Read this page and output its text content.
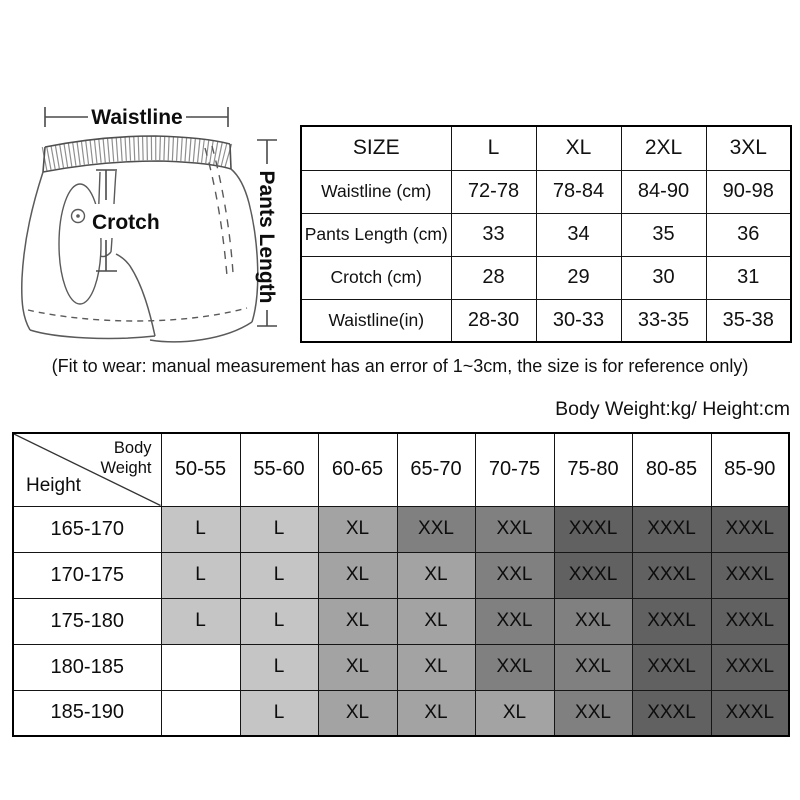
Waistline
Crotch	Pants Length
SIZE	L	XL	2XL	3XL
Waistline (cm)	72-78	78-84	84-90	90-98
Pants Length (cm)	33	34	35	36
Crotch (cm)	28	29	30	31
Waistline(in)	28-30	30-33	33-35	35-38
(Fit to wear: manual measurement has an error of 1~3cm, the size is for reference only)
Body Weight:kg/ Height:cm
Body Weight
Height	50-55	55-60	60-65	65-70	70-75	75-80	80-85	85-90
165-170	L	L	XL	XXL	XXL	XXXL	XXXL	XXXL
170-175	L	L	XL	XL	XXL	XXXL	XXXL	XXXL
175-180	L	L	XL	XL	XXL	XXL	XXXL	XXXL
180-185		L	XL	XL	XXL	XXL	XXXL	XXXL
185-190		L	XL	XL	XL	XXL	XXXL	XXXL
